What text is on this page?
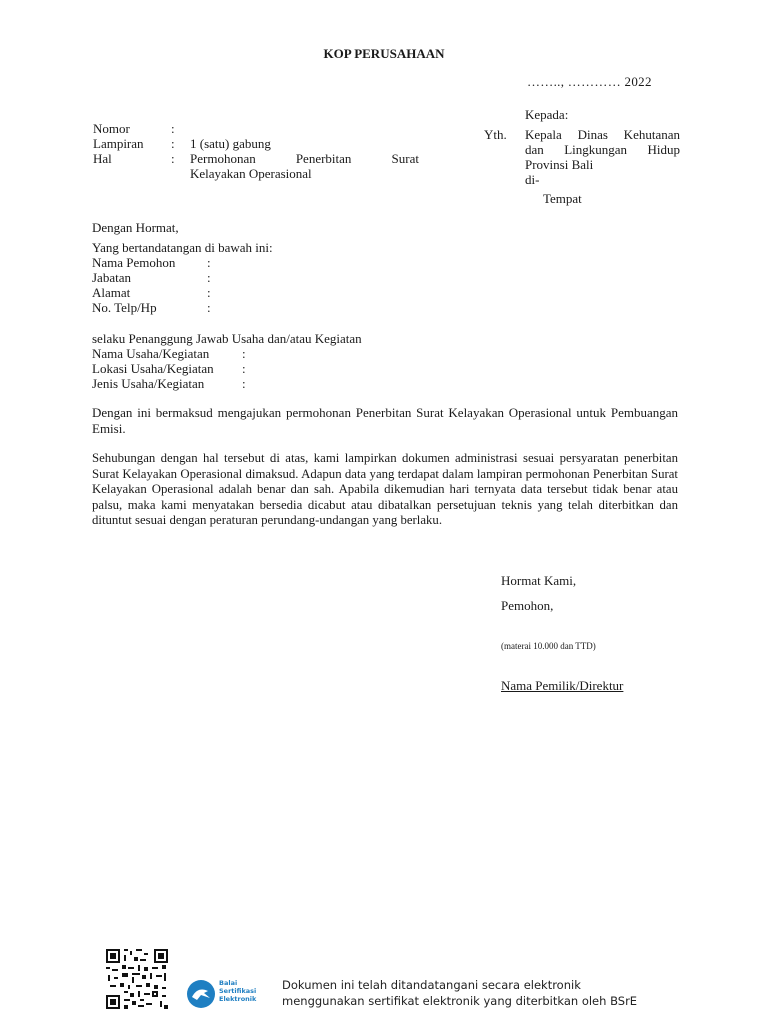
KOP PERUSAHAAN
…….., ………… 2022
Nomor	:
Lampiran : 1 (satu) gabung
Hal	: Permohonan	Penerbitan	Surat
Kelayakan Operasional
Kepada:
Yth. Kepala Dinas Kehutanan
dan Lingkungan Hidup
Provinsi Bali
di-
Tempat
Dengan Hormat,
Yang bertandatangan di bawah ini:
Nama Pemohon :
Jabatan	:
Alamat	:
No. Telp/Hp	:
selaku Penanggung Jawab Usaha dan/atau Kegiatan
Nama Usaha/Kegiatan	:
Lokasi Usaha/Kegiatan :
Jenis Usaha/Kegiatan	:
Dengan ini bermaksud mengajukan permohonan Penerbitan Surat Kelayakan Operasional untuk Pembuangan Emisi.
Sehubungan dengan hal tersebut di atas, kami lampirkan dokumen administrasi sesuai persyaratan penerbitan Surat Kelayakan Operasional dimaksud. Adapun data yang terdapat dalam lampiran permohonan Penerbitan Surat Kelayakan Operasional adalah benar dan sah. Apabila dikemudian hari ternyata data tersebut tidak benar atau palsu, maka kami menyatakan bersedia dicabut atau dibatalkan persetujuan teknis yang telah diterbitkan dan dituntut sesuai dengan peraturan perundang-undangan yang berlaku.
Hormat Kami,
Pemohon,
(materai 10.000 dan TTD)
Nama Pemilik/Direktur
Balai
Sertifikasi
Elektronik
Dokumen ini telah ditandatangani secara elektronik
menggunakan sertifikat elektronik yang diterbitkan oleh BSrE
